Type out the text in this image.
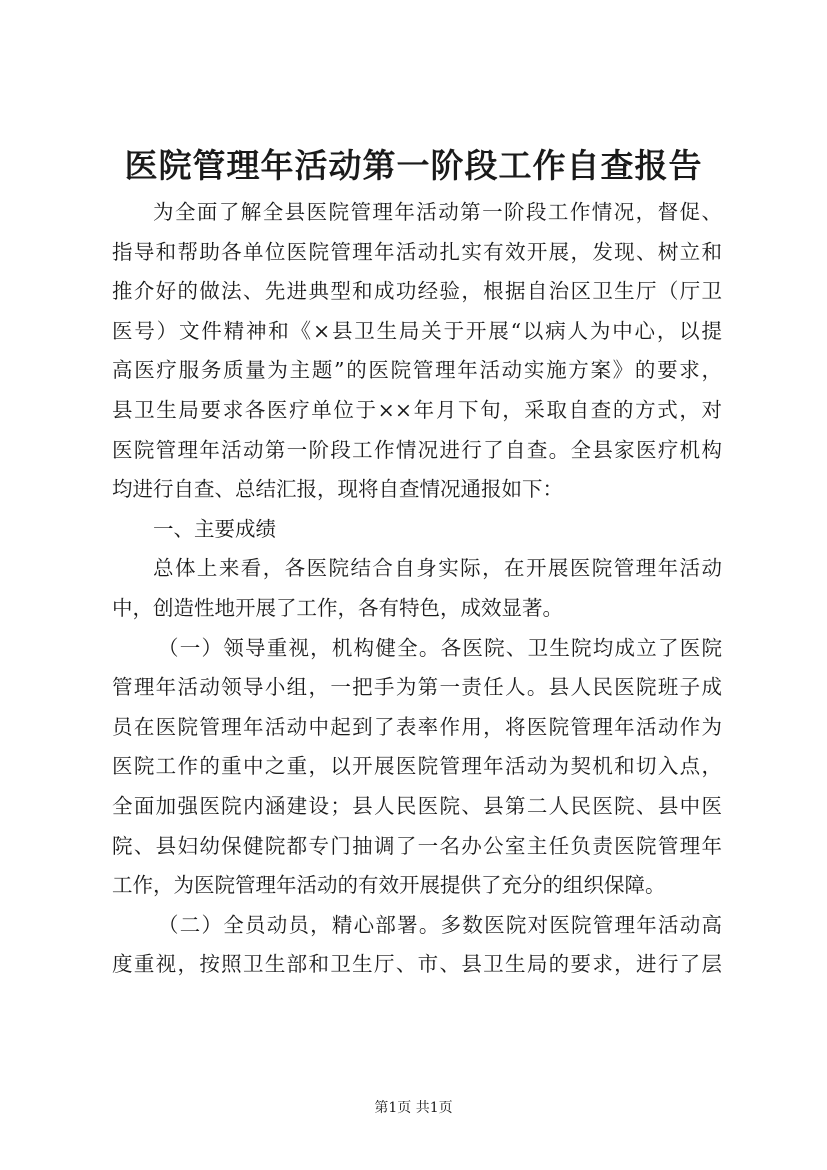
医院管理年活动第一阶段工作自查报告

为全面了解全县医院管理年活动第一阶段工作情况，督促、

指导和帮助各单位医院管理年活动扎实有效开展，发现、树立和

推介好的做法、先进典型和成功经验，根据自治区卫生厅（厅卫

医号）文件精神和《×县卫生局关于开展“以病人为中心，以提

高医疗服务质量为主题”的医院管理年活动实施方案》的要求，

县卫生局要求各医疗单位于××年月下旬，采取自查的方式，对

医院管理年活动第一阶段工作情况进行了自查。全县家医疗机构

均进行自查、总结汇报，现将自查情况通报如下：

一、主要成绩

总体上来看，各医院结合自身实际，在开展医院管理年活动

中，创造性地开展了工作，各有特色，成效显著。

（一）领导重视，机构健全。各医院、卫生院均成立了医院

管理年活动领导小组，一把手为第一责任人。县人民医院班子成

员在医院管理年活动中起到了表率作用，将医院管理年活动作为

医院工作的重中之重，以开展医院管理年活动为契机和切入点，

全面加强医院内涵建设；县人民医院、县第二人民医院、县中医

院、县妇幼保健院都专门抽调了一名办公室主任负责医院管理年

工作，为医院管理年活动的有效开展提供了充分的组织保障。

（二）全员动员，精心部署。多数医院对医院管理年活动高

度重视，按照卫生部和卫生厅、市、县卫生局的要求，进行了层

第1页 共1页
